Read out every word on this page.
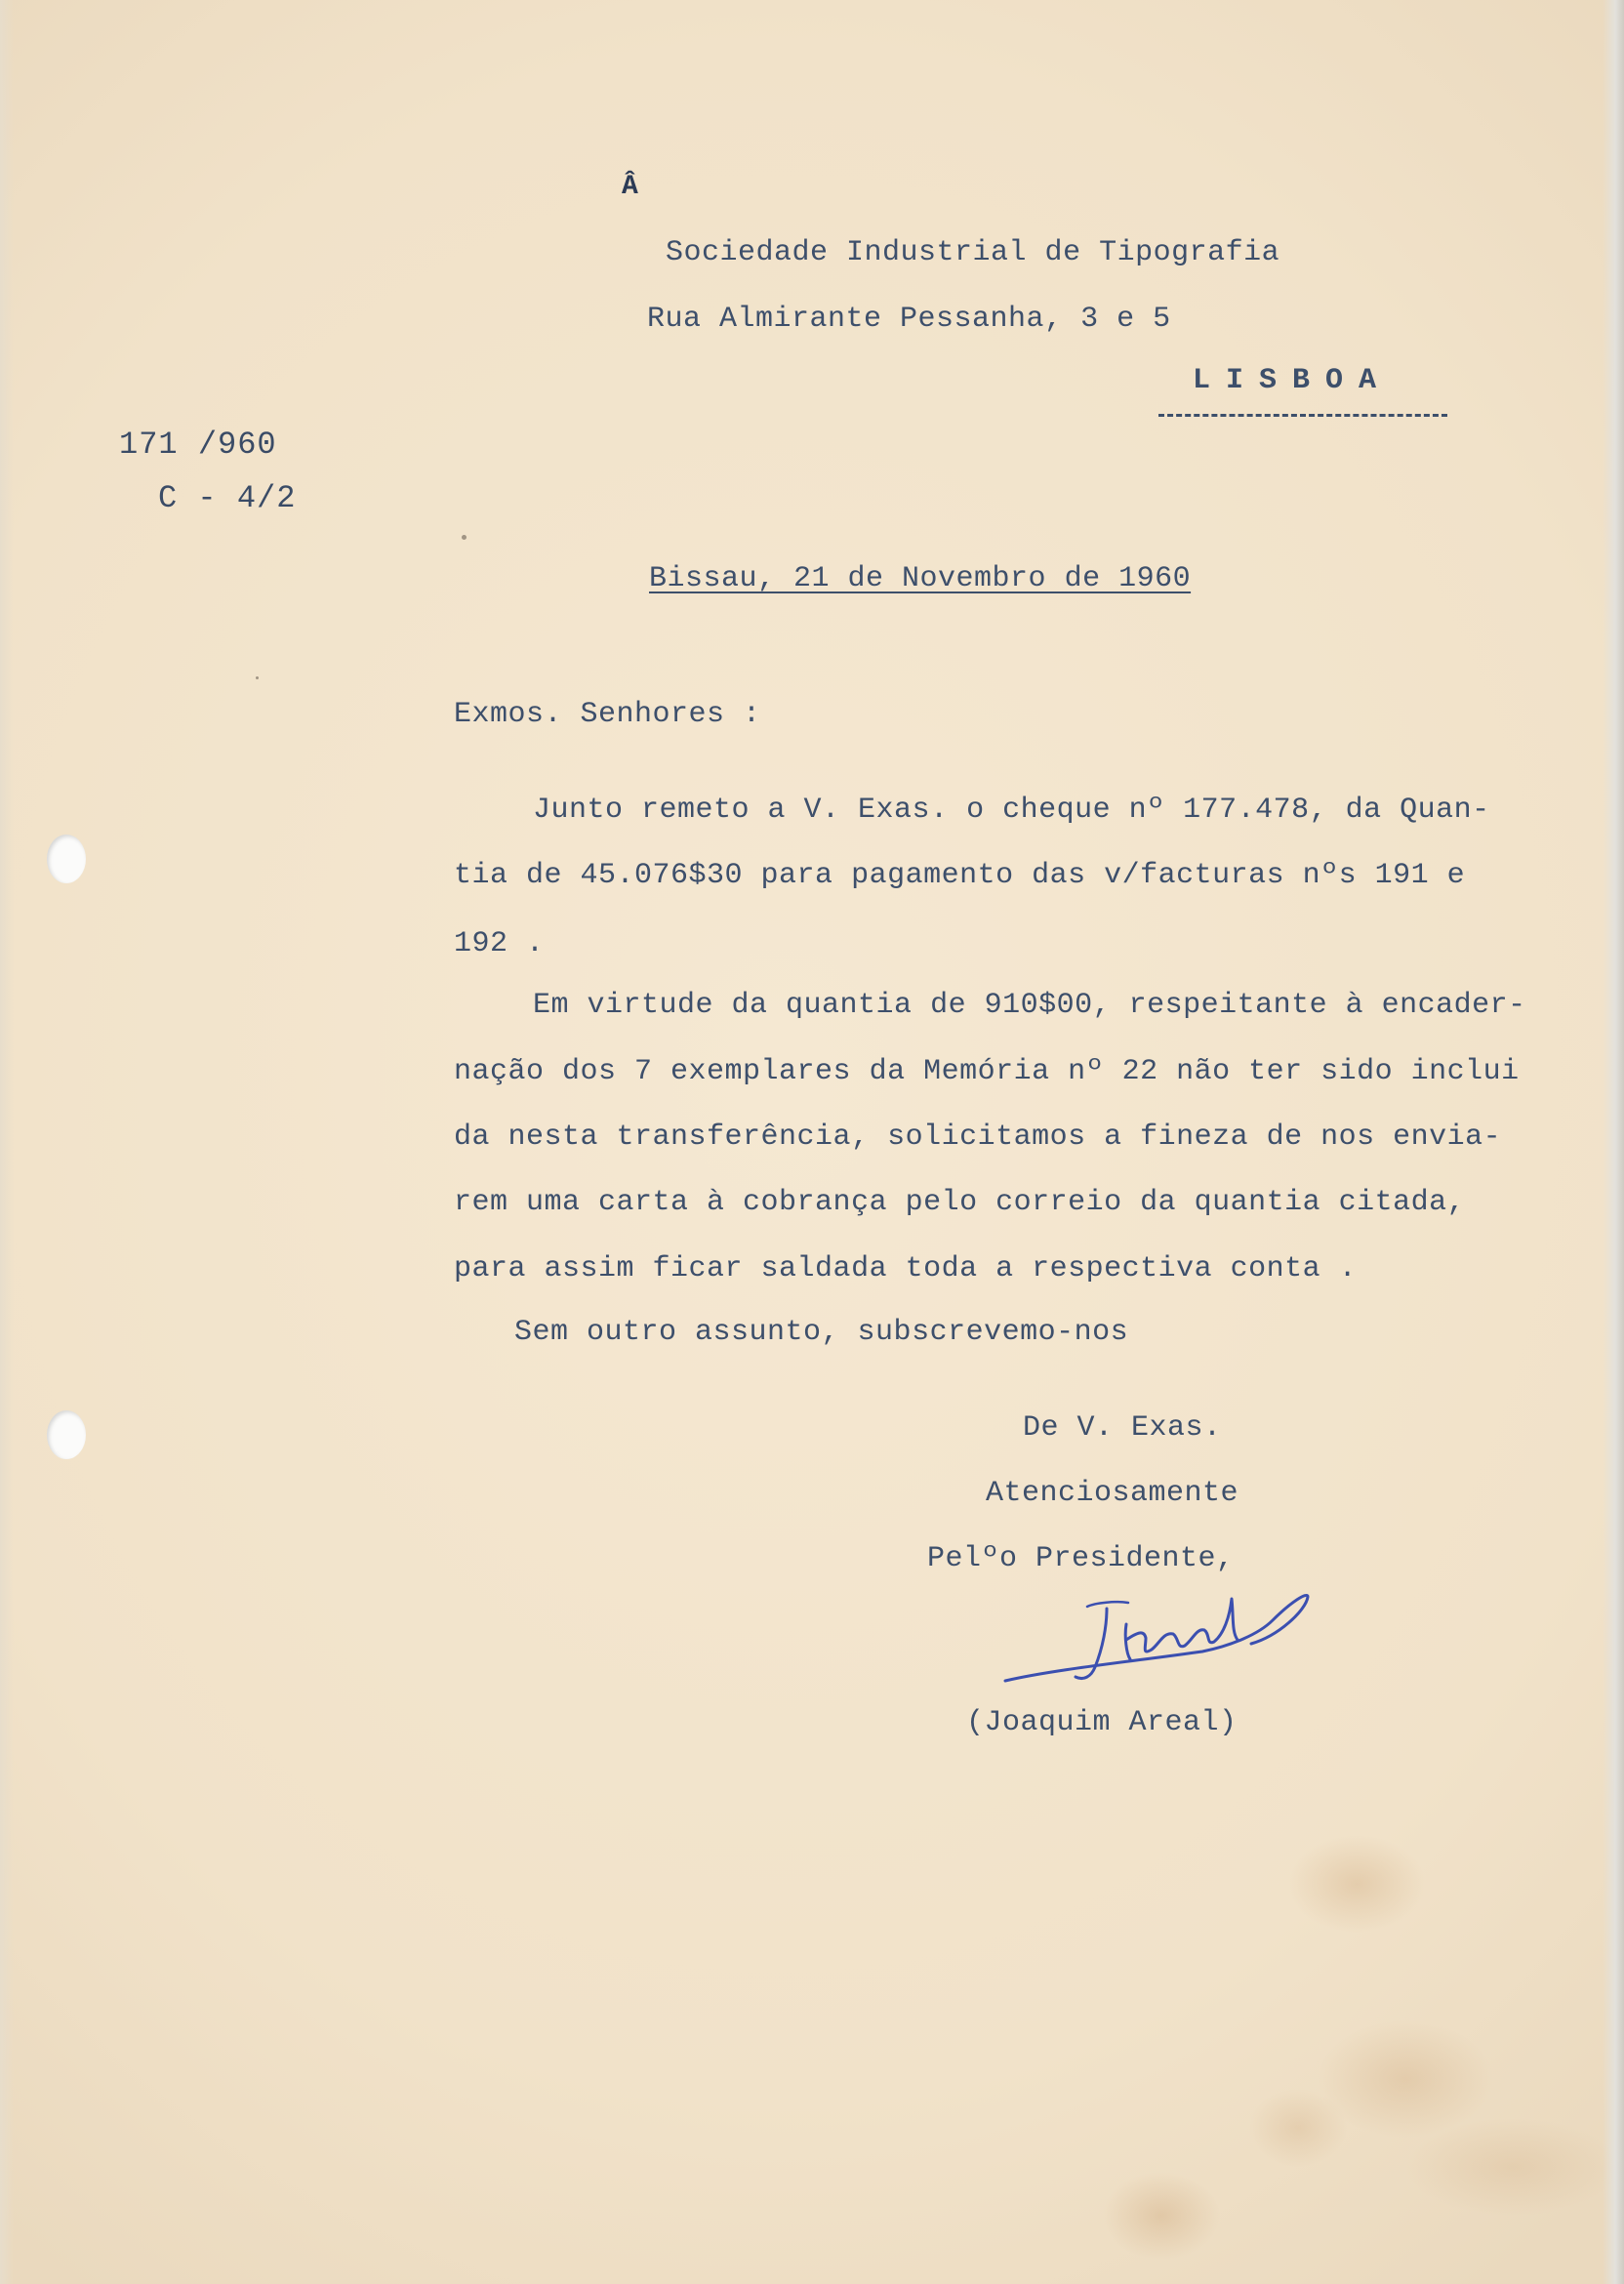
Â
Sociedade Industrial de Tipografia
Rua Almirante Pessanha, 3 e 5
LISBOA
171 /960
C - 4/2
Bissau, 21 de Novembro de 1960
Exmos. Senhores :
Junto remeto a V. Exas. o cheque nº 177.478, da Quan-
tia de 45.076$30 para pagamento das v/facturas nºs 191 e
192 .
Em virtude da quantia de 910$00, respeitante à encader-
nação dos 7 exemplares da Memória nº 22 não ter sido inclui
da nesta transferência, solicitamos a fineza de nos envia-
rem uma carta à cobrança pelo correio da quantia citada,
para assim ficar saldada toda a respectiva conta .
Sem outro assunto, subscrevemo-nos
De V. Exas.
Atenciosamente
Pelºo Presidente,
(Joaquim Areal)
